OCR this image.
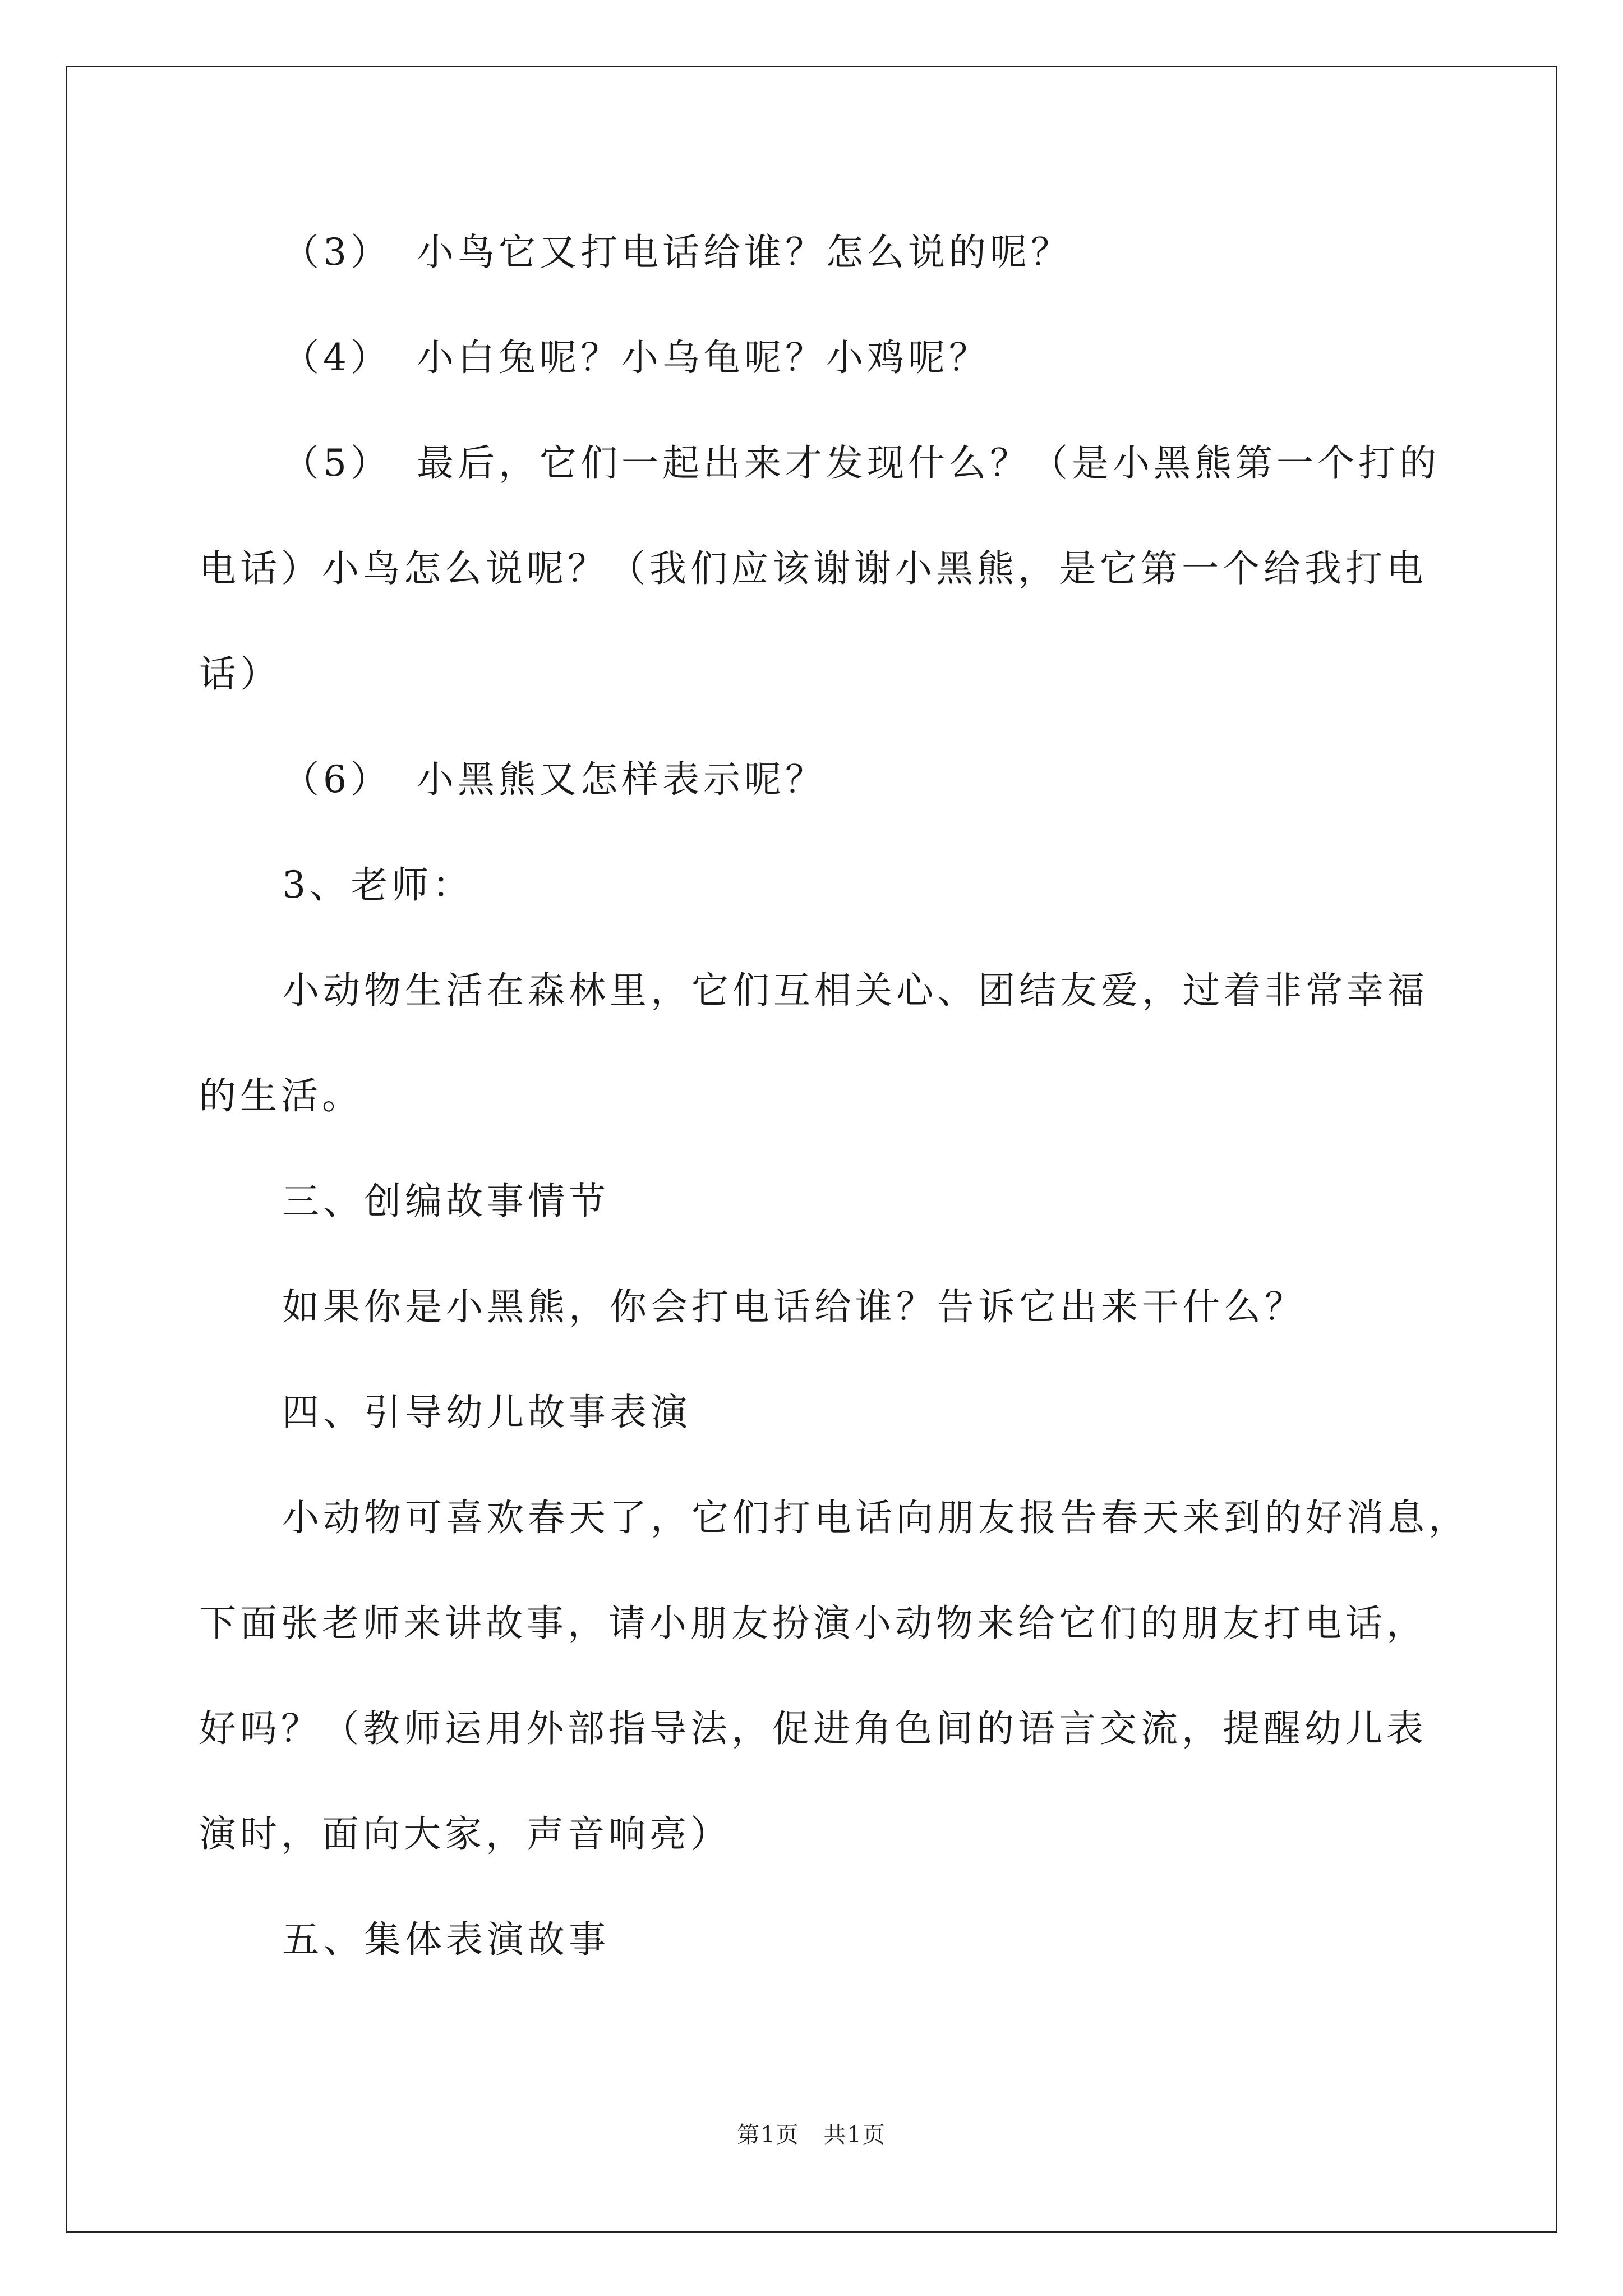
（3） 小鸟它又打电话给谁？怎么说的呢？
（4） 小白兔呢？小乌龟呢？小鸡呢？
（5） 最后，它们一起出来才发现什么？（是小黑熊第一个打的
电话）小鸟怎么说呢？（我们应该谢谢小黑熊，是它第一个给我打电
话）
（6） 小黑熊又怎样表示呢？
3、老师：
小动物生活在森林里，它们互相关心、团结友爱，过着非常幸福
的生活。
三、创编故事情节
如果你是小黑熊，你会打电话给谁？告诉它出来干什么？
四、引导幼儿故事表演
小动物可喜欢春天了，它们打电话向朋友报告春天来到的好消息，
下面张老师来讲故事，请小朋友扮演小动物来给它们的朋友打电话，
好吗？（教师运用外部指导法，促进角色间的语言交流，提醒幼儿表
演时，面向大家，声音响亮）
五、集体表演故事
第1页 共1页
